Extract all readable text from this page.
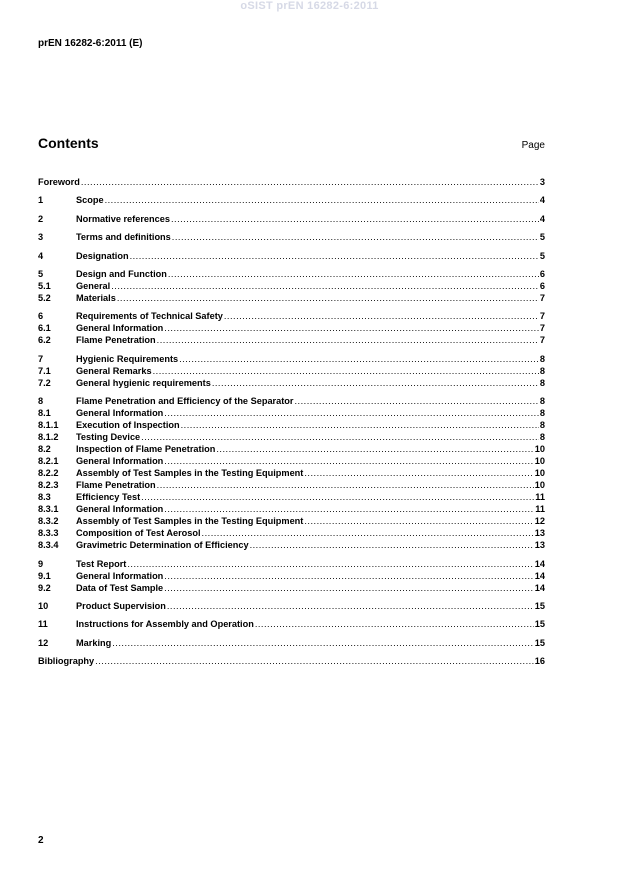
oSIST prEN 16282-6:2011
prEN 16282-6:2011 (E)
Contents	Page
Foreword .....	3
1	Scope .....	4
2	Normative references .....	4
3	Terms and definitions .....	5
4	Designation .....	5
5	Design and Function .....	6
5.1	General .....	6
5.2	Materials .....	7
6	Requirements of Technical Safety .....	7
6.1	General Information .....	7
6.2	Flame Penetration .....	7
7	Hygienic Requirements .....	8
7.1	General Remarks .....	8
7.2	General hygienic requirements .....	8
8	Flame Penetration and Efficiency of the Separator .....	8
8.1	General Information .....	8
8.1.1	Execution of Inspection .....	8
8.1.2	Testing Device .....	8
8.2	Inspection of Flame Penetration .....	10
8.2.1	General Information .....	10
8.2.2	Assembly of Test Samples in the Testing Equipment .....	10
8.2.3	Flame Penetration .....	10
8.3	Efficiency Test .....	11
8.3.1	General Information .....	11
8.3.2	Assembly of Test Samples in the Testing Equipment .....	12
8.3.3	Composition of Test Aerosol .....	13
8.3.4	Gravimetric Determination of Efficiency .....	13
9	Test Report .....	14
9.1	General Information .....	14
9.2	Data of Test Sample .....	14
10	Product Supervision .....	15
11	Instructions for Assembly and Operation .....	15
12	Marking .....	15
Bibliography .....	16
2
